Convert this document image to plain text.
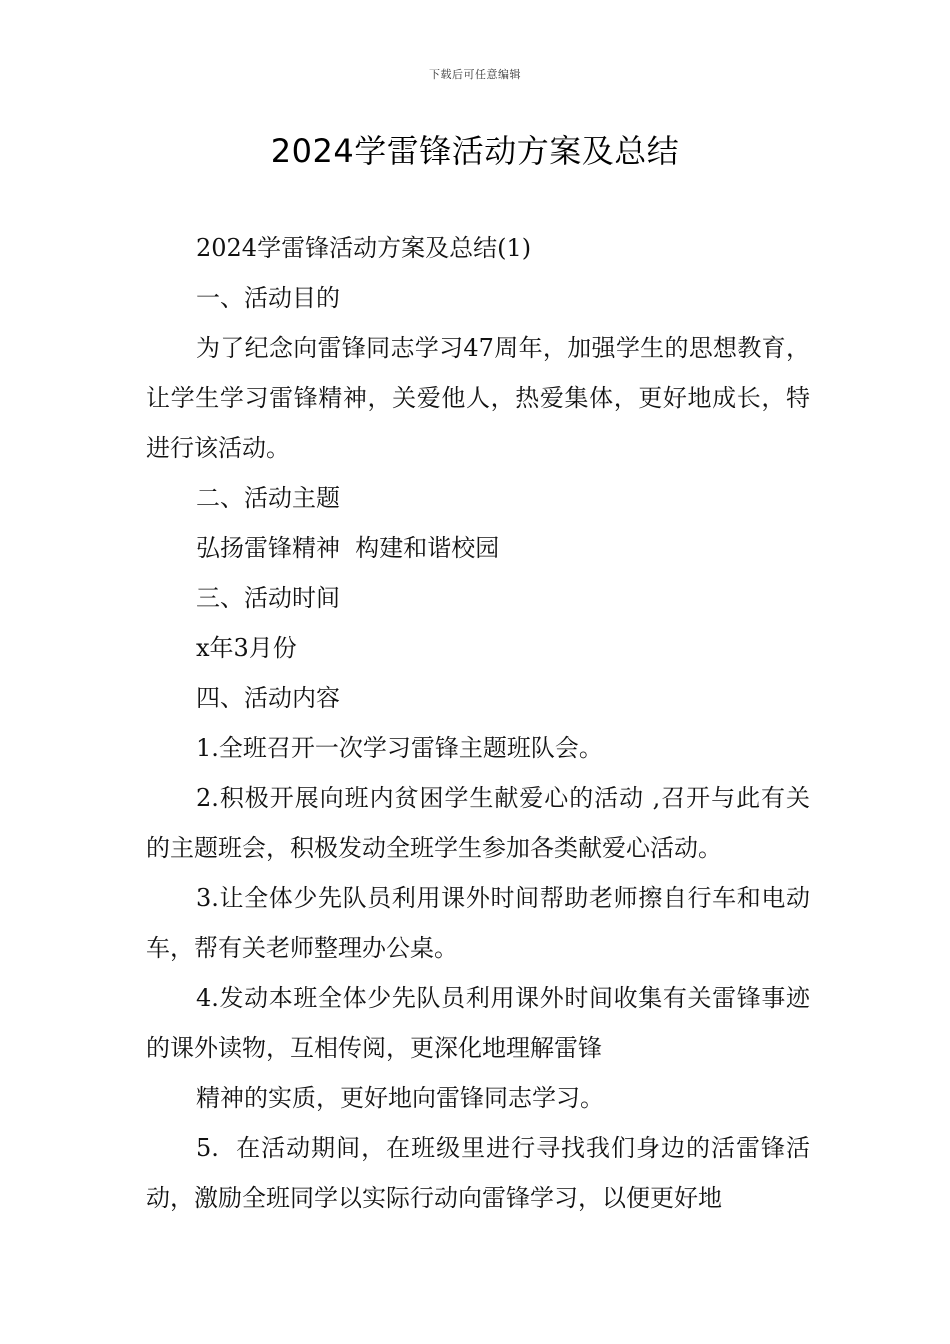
下载后可任意编辑
2024学雷锋活动方案及总结

2024学雷锋活动方案及总结(1)

一、活动目的

为了纪念向雷锋同志学习47周年，加强学生的思想教育，让学生学习雷锋精神，关爱他人，热爱集体，更好地成长，特进行该活动。

二、活动主题

弘扬雷锋精神  构建和谐校园

三、活动时间

x年3月份

四、活动内容

1.全班召开一次学习雷锋主题班队会。

2.积极开展向班内贫困学生献爱心的活动 ,召开与此有关的主题班会，积极发动全班学生参加各类献爱心活动。

3.让全体少先队员利用课外时间帮助老师擦自行车和电动车，帮有关老师整理办公桌。

4.发动本班全体少先队员利用课外时间收集有关雷锋事迹的课外读物，互相传阅，更深化地理解雷锋

精神的实质，更好地向雷锋同志学习。

5.  在活动期间，在班级里进行寻找我们身边的活雷锋活动，激励全班同学以实际行动向雷锋学习，以便更好地
